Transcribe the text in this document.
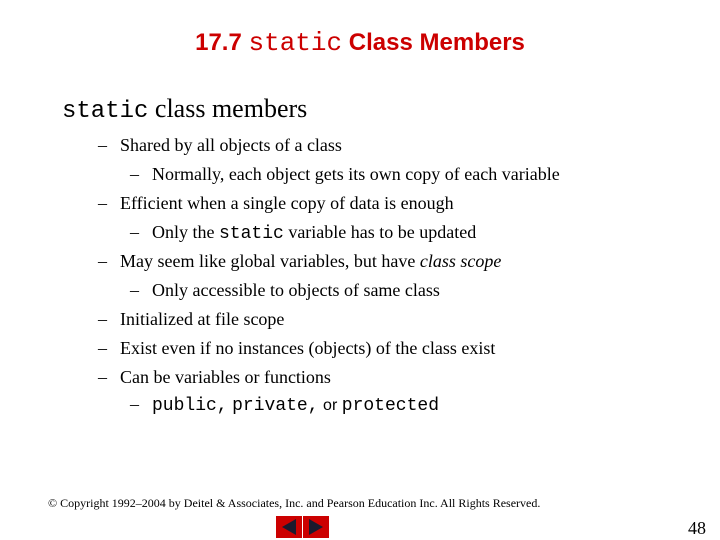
17.7 static Class Members
static class members
– Shared by all objects of a class
– Normally, each object gets its own copy of each variable
– Efficient when a single copy of data is enough
– Only the static variable has to be updated
– May seem like global variables, but have class scope
– Only accessible to objects of same class
– Initialized at file scope
– Exist even if no instances (objects) of the class exist
– Can be variables or functions
– public, private, or protected
© Copyright 1992–2004 by Deitel & Associates, Inc. and Pearson Education Inc. All Rights Reserved.
48
